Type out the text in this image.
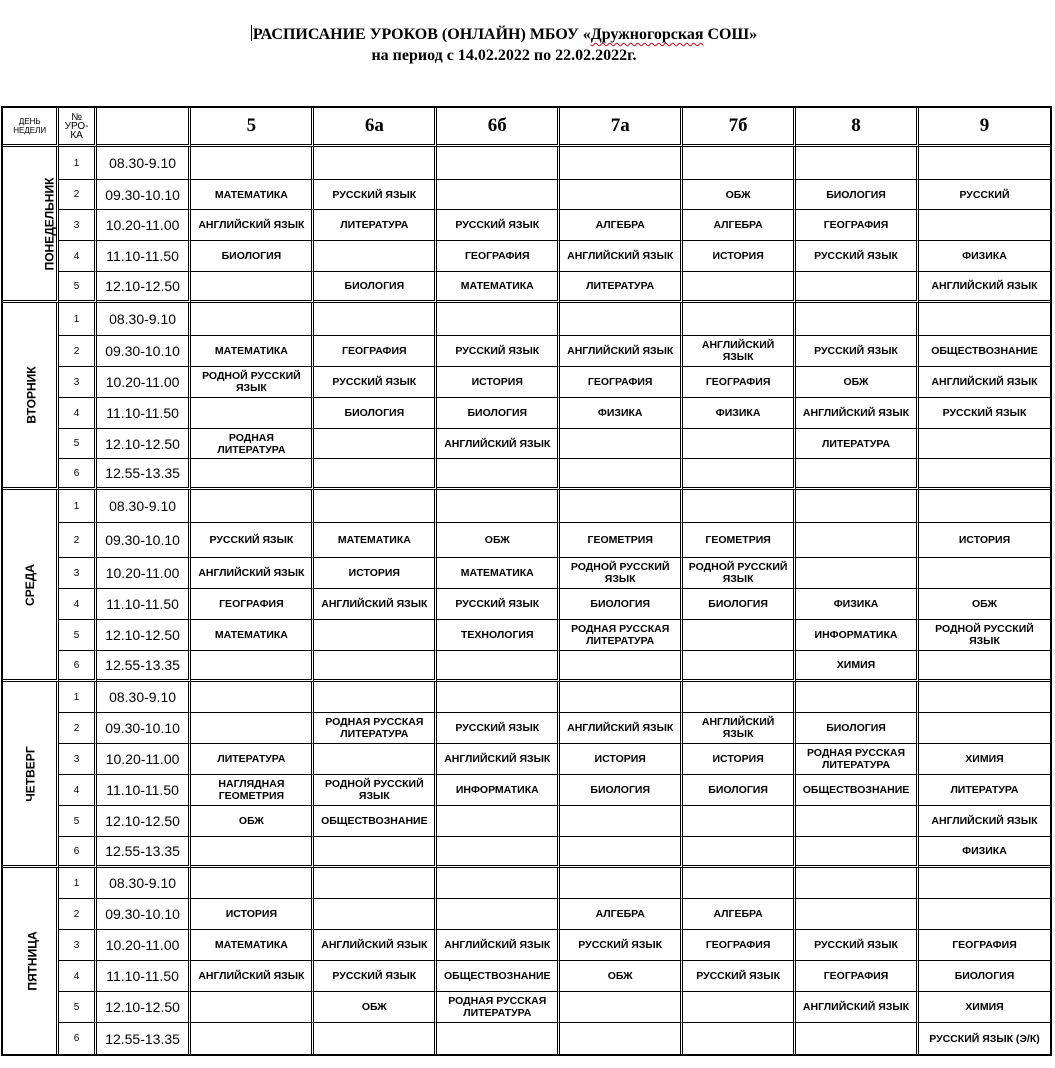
РАСПИСАНИЕ УРОКОВ (ОНЛАЙН) МБОУ «Дружногорская СОШ»
на период с 14.02.2022 по 22.02.2022г.
ДЕНЬ НЕДЕЛИ	№ УРО-КА		5	6а	6б	7а	7б	8	9
ПОНЕДЕЛЬНИК	1	08.30-9.10							
	2	09.30-10.10	МАТЕМАТИКА	РУССКИЙ ЯЗЫК			ОБЖ	БИОЛОГИЯ	РУССКИЙ
	3	10.20-11.00	АНГЛИЙСКИЙ ЯЗЫК	ЛИТЕРАТУРА	РУССКИЙ ЯЗЫК	АЛГЕБРА	АЛГЕБРА	ГЕОГРАФИЯ	
	4	11.10-11.50	БИОЛОГИЯ		ГЕОГРАФИЯ	АНГЛИЙСКИЙ ЯЗЫК	ИСТОРИЯ	РУССКИЙ ЯЗЫК	ФИЗИКА
	5	12.10-12.50		БИОЛОГИЯ	МАТЕМАТИКА	ЛИТЕРАТУРА			АНГЛИЙСКИЙ ЯЗЫК
ВТОРНИК	1	08.30-9.10							
	2	09.30-10.10	МАТЕМАТИКА	ГЕОГРАФИЯ	РУССКИЙ ЯЗЫК	АНГЛИЙСКИЙ ЯЗЫК	АНГЛИЙСКИЙ ЯЗЫК	РУССКИЙ ЯЗЫК	ОБЩЕСТВОЗНАНИЕ
	3	10.20-11.00	РОДНОЙ РУССКИЙ ЯЗЫК	РУССКИЙ ЯЗЫК	ИСТОРИЯ	ГЕОГРАФИЯ	ГЕОГРАФИЯ	ОБЖ	АНГЛИЙСКИЙ ЯЗЫК
	4	11.10-11.50		БИОЛОГИЯ	БИОЛОГИЯ	ФИЗИКА	ФИЗИКА	АНГЛИЙСКИЙ ЯЗЫК	РУССКИЙ ЯЗЫК
	5	12.10-12.50	РОДНАЯ ЛИТЕРАТУРА		АНГЛИЙСКИЙ ЯЗЫК			ЛИТЕРАТУРА	
	6	12.55-13.35							
СРЕДА	1	08.30-9.10							
	2	09.30-10.10	РУССКИЙ ЯЗЫК	МАТЕМАТИКА	ОБЖ	ГЕОМЕТРИЯ	ГЕОМЕТРИЯ		ИСТОРИЯ
	3	10.20-11.00	АНГЛИЙСКИЙ ЯЗЫК	ИСТОРИЯ	МАТЕМАТИКА	РОДНОЙ РУССКИЙ ЯЗЫК	РОДНОЙ РУССКИЙ ЯЗЫК		
	4	11.10-11.50	ГЕОГРАФИЯ	АНГЛИЙСКИЙ ЯЗЫК	РУССКИЙ ЯЗЫК	БИОЛОГИЯ	БИОЛОГИЯ	ФИЗИКА	ОБЖ
	5	12.10-12.50	МАТЕМАТИКА		ТЕХНОЛОГИЯ	РОДНАЯ РУССКАЯ ЛИТЕРАТУРА		ИНФОРМАТИКА	РОДНОЙ РУССКИЙ ЯЗЫК
	6	12.55-13.35						ХИМИЯ	
ЧЕТВЕРГ	1	08.30-9.10							
	2	09.30-10.10		РОДНАЯ РУССКАЯ ЛИТЕРАТУРА	РУССКИЙ ЯЗЫК	АНГЛИЙСКИЙ ЯЗЫК	АНГЛИЙСКИЙ ЯЗЫК	БИОЛОГИЯ	
	3	10.20-11.00	ЛИТЕРАТУРА		АНГЛИЙСКИЙ ЯЗЫК	ИСТОРИЯ	ИСТОРИЯ	РОДНАЯ РУССКАЯ ЛИТЕРАТУРА	ХИМИЯ
	4	11.10-11.50	НАГЛЯДНАЯ ГЕОМЕТРИЯ	РОДНОЙ РУССКИЙ ЯЗЫК	ИНФОРМАТИКА	БИОЛОГИЯ	БИОЛОГИЯ	ОБЩЕСТВОЗНАНИЕ	ЛИТЕРАТУРА
	5	12.10-12.50	ОБЖ	ОБЩЕСТВОЗНАНИЕ					АНГЛИЙСКИЙ ЯЗЫК
	6	12.55-13.35							ФИЗИКА
ПЯТНИЦА	1	08.30-9.10							
	2	09.30-10.10	ИСТОРИЯ			АЛГЕБРА	АЛГЕБРА		
	3	10.20-11.00	МАТЕМАТИКА	АНГЛИЙСКИЙ ЯЗЫК	АНГЛИЙСКИЙ ЯЗЫК	РУССКИЙ ЯЗЫК	ГЕОГРАФИЯ	РУССКИЙ ЯЗЫК	ГЕОГРАФИЯ
	4	11.10-11.50	АНГЛИЙСКИЙ ЯЗЫК	РУССКИЙ ЯЗЫК	ОБЩЕСТВОЗНАНИЕ	ОБЖ	РУССКИЙ ЯЗЫК	ГЕОГРАФИЯ	БИОЛОГИЯ
	5	12.10-12.50		ОБЖ	РОДНАЯ РУССКАЯ ЛИТЕРАТУРА			АНГЛИЙСКИЙ ЯЗЫК	ХИМИЯ
	6	12.55-13.35							РУССКИЙ ЯЗЫК (Э/К)
